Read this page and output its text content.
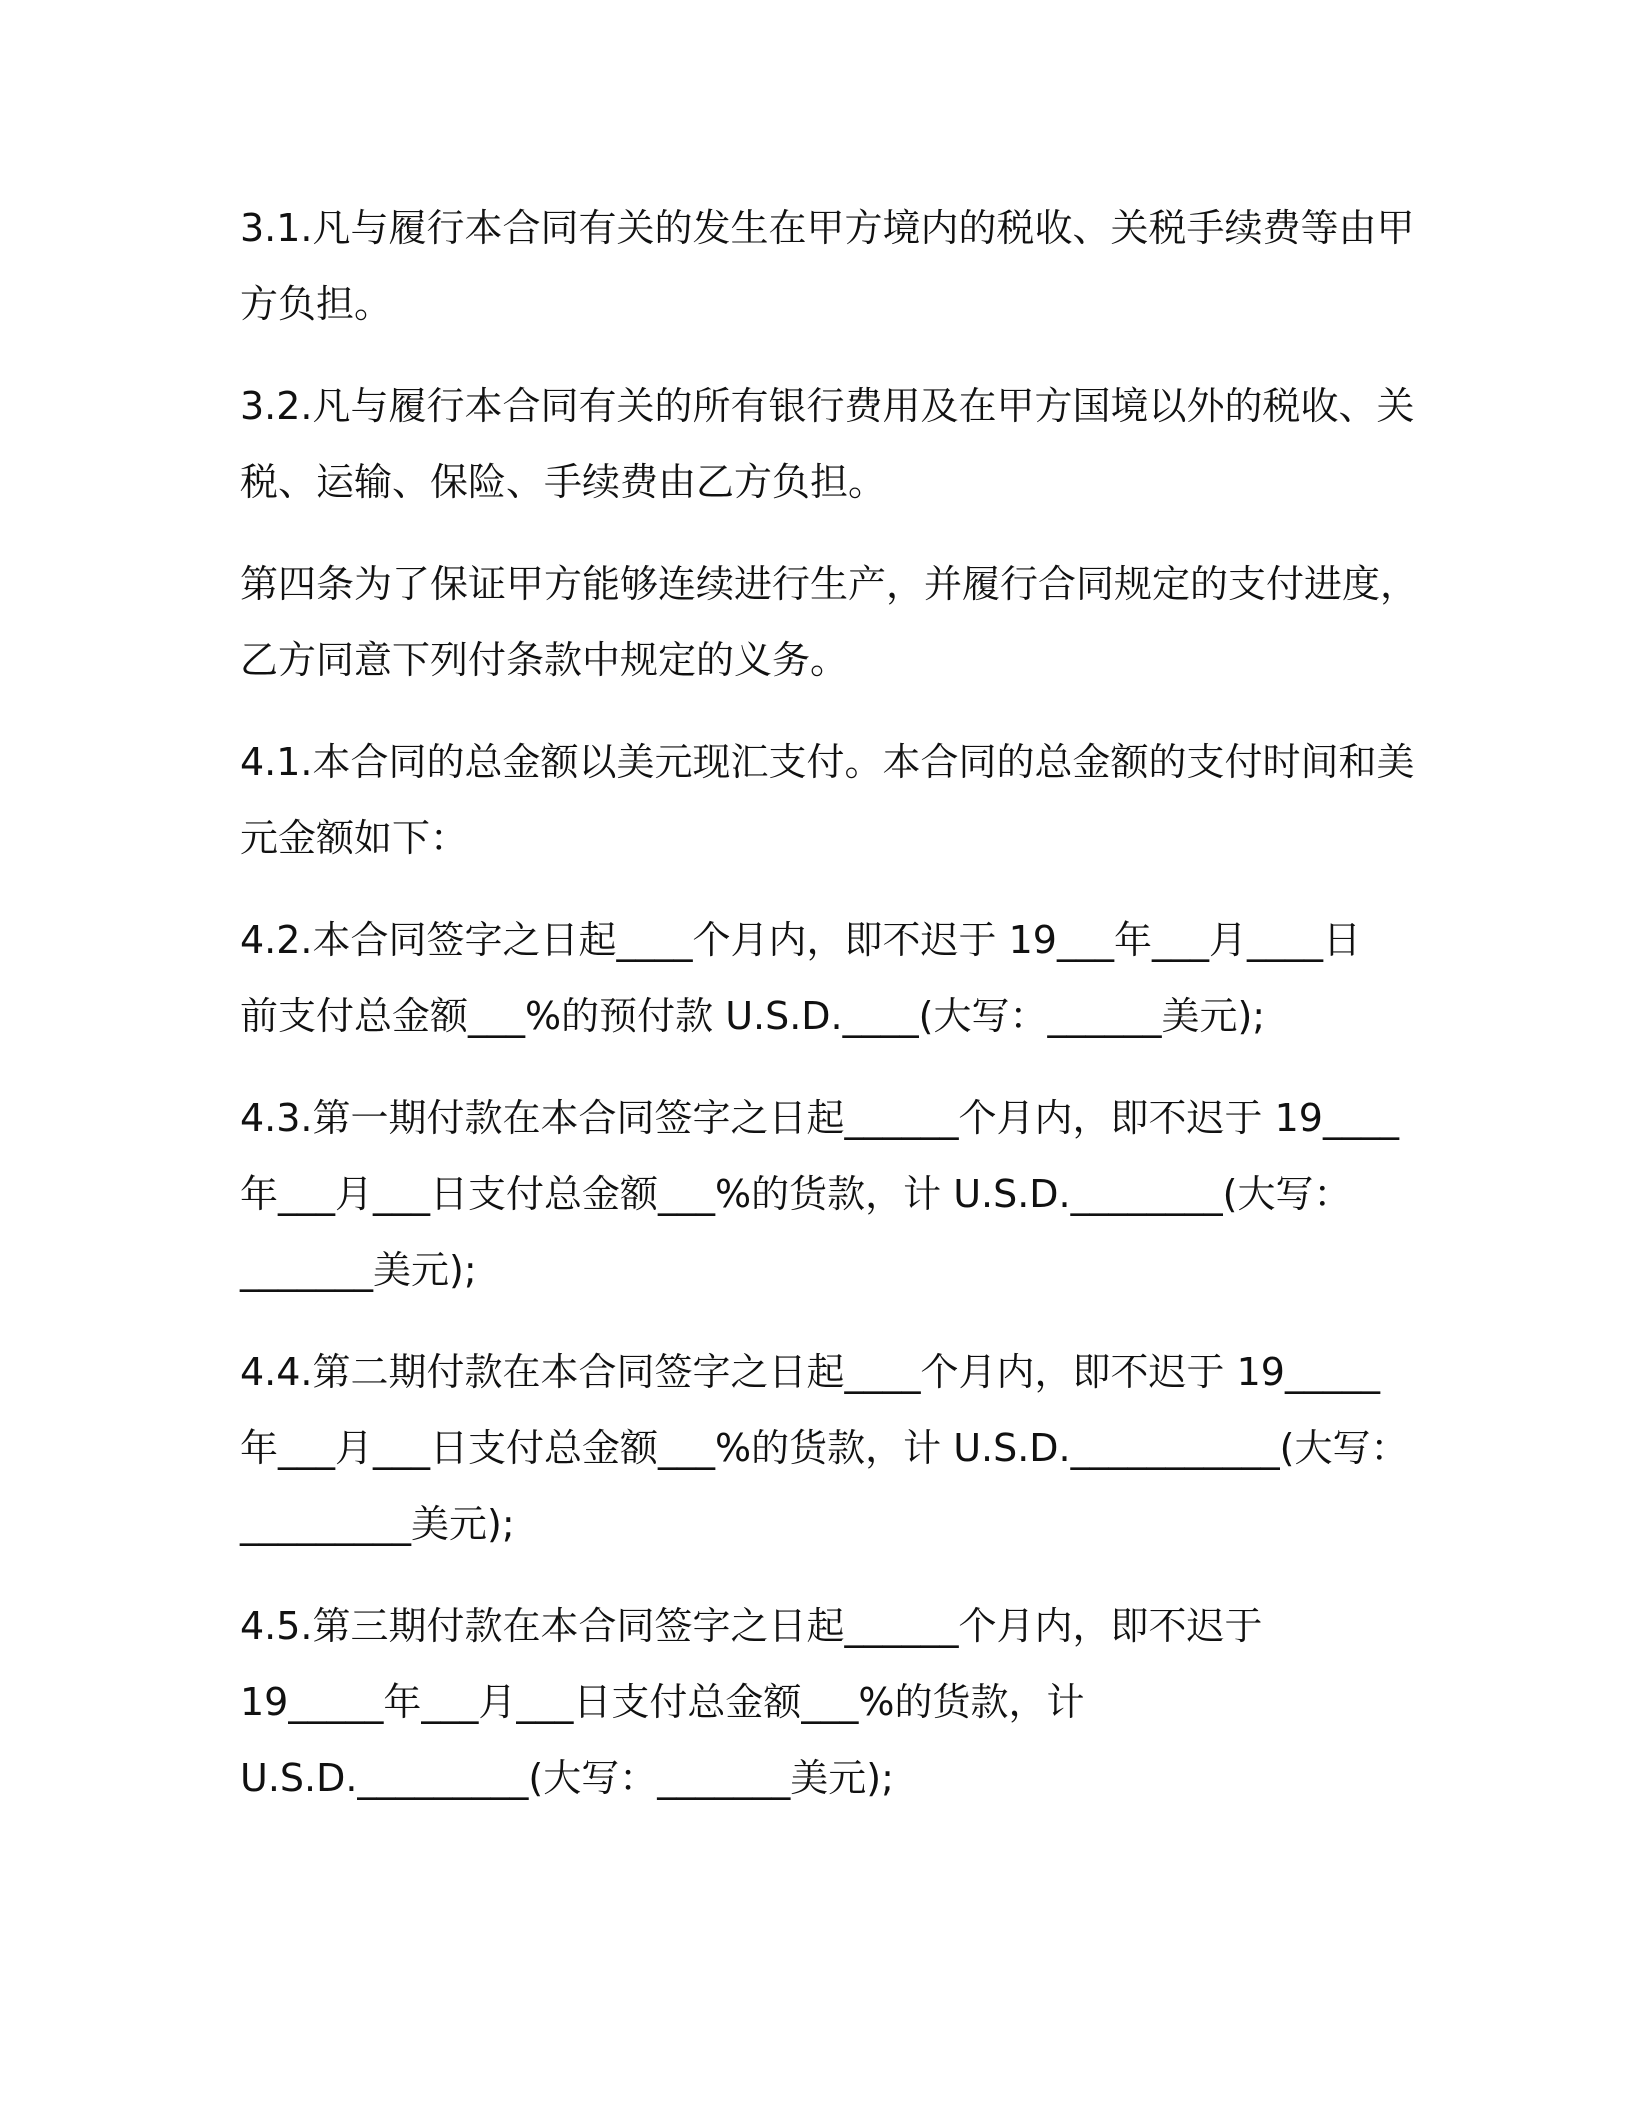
3.1.凡与履行本合同有关的发生在甲方境内的税收、关税手续费等由甲
方负担。

3.2.凡与履行本合同有关的所有银行费用及在甲方国境以外的税收、关
税、运输、保险、手续费由乙方负担。

第四条为了保证甲方能够连续进行生产，并履行合同规定的支付进度，
乙方同意下列付条款中规定的义务。

4.1.本合同的总金额以美元现汇支付。本合同的总金额的支付时间和美
元金额如下：

4.2.本合同签字之日起____个月内，即不迟于 19___年___月____日
前支付总金额___%的预付款 U.S.D.____(大写：______美元);

4.3.第一期付款在本合同签字之日起______个月内，即不迟于 19____
年___月___日支付总金额___%的货款，计 U.S.D.________(大写：
_______美元);

4.4.第二期付款在本合同签字之日起____个月内，即不迟于 19_____
年___月___日支付总金额___%的货款，计 U.S.D.___________(大写：
_________美元);

4.5.第三期付款在本合同签字之日起______个月内，即不迟于
19_____年___月___日支付总金额___%的货款，计
U.S.D._________(大写：_______美元);
